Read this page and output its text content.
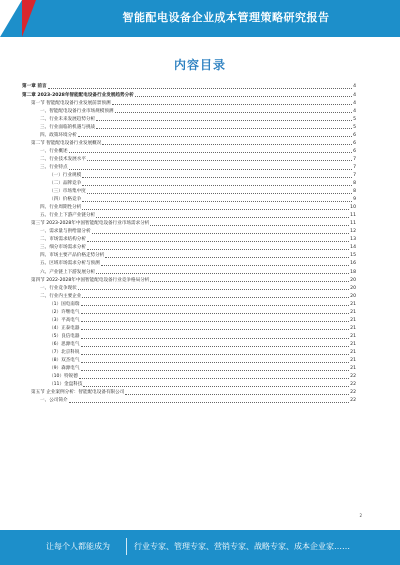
智能配电设备企业成本管理策略研究报告
内容目录
第一章 前言	4
第二章 2023-2028年智能配电设备行业发展趋势分析	4
第一节 智能配电设备行业发展前景预测	4
一、智能配电设备行业市场规模预测	4
二、行业未来发展趋势分析	5
三、行业面临的机遇与挑战	5
四、政策环境分析	6
第二节 智能配电设备行业发展概况	6
一、行业概述	6
二、行业技术发展水平	7
三、行业特点	7
（一）行业规模	7
（二）品牌竞争	8
（三）市场集中度	8
（四）价格竞争	9
四、行业周期性分析	10
五、行业上下游产业链分析	11
第三节 2023-2028年中国智能配电设备行业市场需求分析	11
一、需求量与供给量分析	12
二、市场需求结构分析	13
三、细分市场需求分析	14
四、市场主要产品价格走势分析	15
五、区域市场需求分析与预测	16
六、产业链上下游发展分析	18
第四节 2022-2028年中国智能配电设备行业竞争格局分析	20
一、行业竞争现状	20
二、行业内主要企业	20
（1）国电南瑞	21
（2）许继电气	21
（3）平高电气	21
（4）正泰电器	21
（5）良信电器	21
（6）思源电气	21
（7）北京科锐	21
（8）双杰电气	21
（9）森源电气	21
（10）特锐德	22
（11）金盘科技	22
第五节 企业案例分析：智能配电设备有限公司	22
一、公司简介	22
2
让每个人都能成为	行业专家、管理专家、营销专家、战略专家、成本企业家……
